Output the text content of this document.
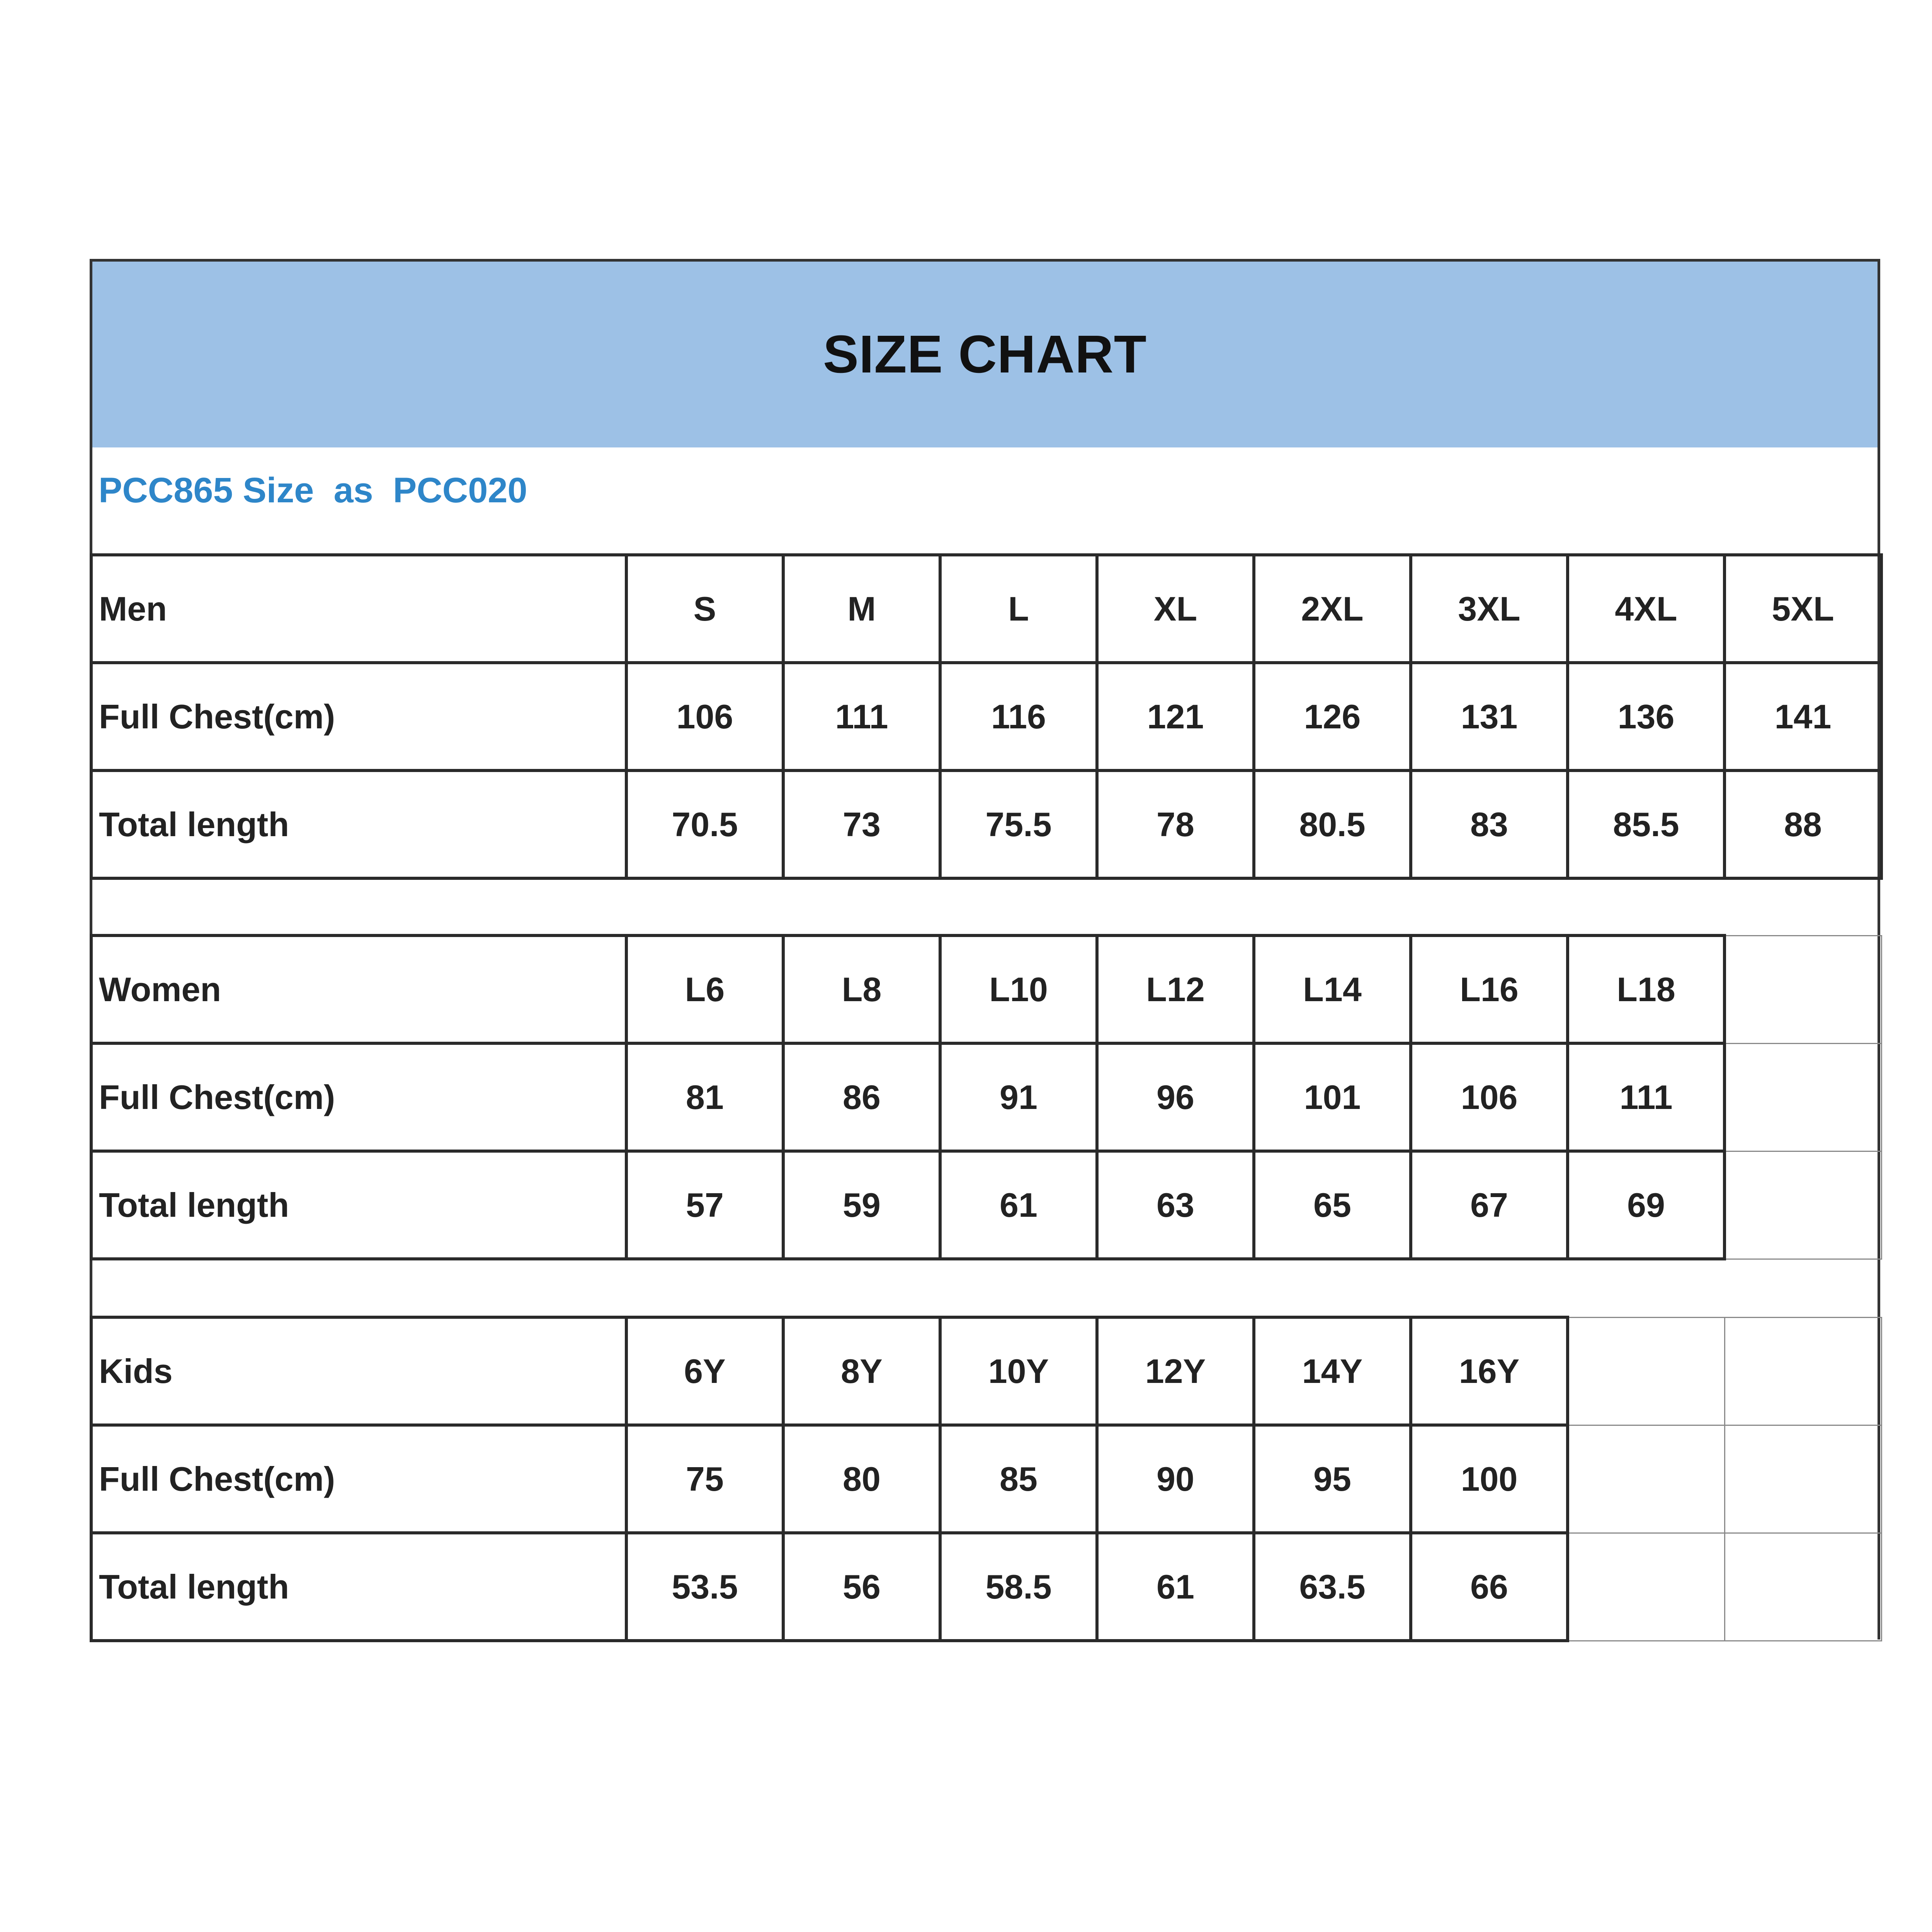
SIZE CHART
PCC865 Size  as  PCC020
Men	S	M	L	XL	2XL	3XL	4XL	5XL
Full Chest(cm)	106	111	116	121	126	131	136	141
Total length	70.5	73	75.5	78	80.5	83	85.5	88
Women	L6	L8	L10	L12	L14	L16	L18	
Full Chest(cm)	81	86	91	96	101	106	111	
Total length	57	59	61	63	65	67	69	
Kids	6Y	8Y	10Y	12Y	14Y	16Y		
Full Chest(cm)	75	80	85	90	95	100		
Total length	53.5	56	58.5	61	63.5	66		
